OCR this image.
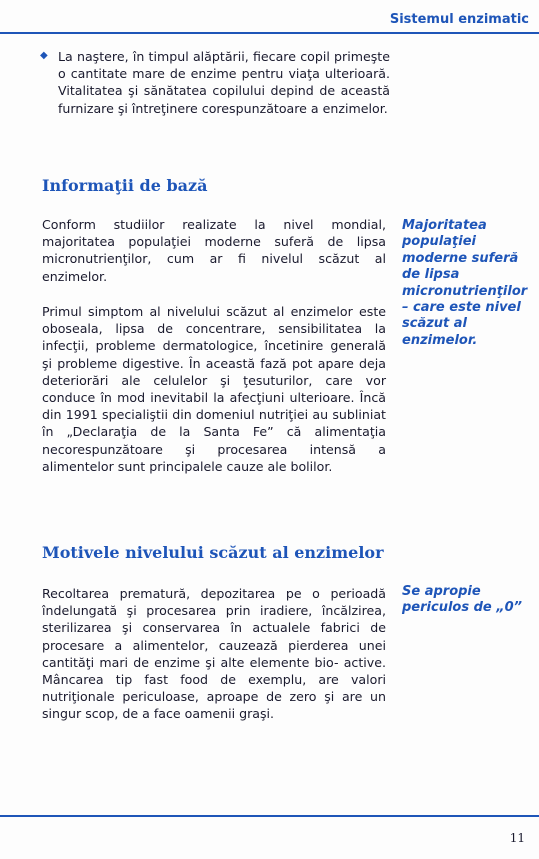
Sistemul enzimatic
◆ La naştere, în timpul alăptării, fiecare copil primeşte o cantitate mare de enzime pentru viaţa ulterioară. Vitalitatea şi sănătatea copilului depind de această furnizare şi întreţinere corespunzătoare a enzimelor.
Informaţii de bază

Conform studiilor realizate la nivel mondial, majoritatea populaţiei moderne suferă de lipsa micronutrienţilor, cum ar fi nivelul scăzut al enzimelor.

Primul simptom al nivelului scăzut al enzimelor este oboseala, lipsa de concentrare, sensibilitatea la infecţii, probleme dermatologice, încetinire generală şi probleme digestive. În această fază pot apare deja deteriorări ale celulelor şi ţesuturilor, care vor conduce în mod inevitabil la afecţiuni ulterioare. Încă din 1991 specialiştii din domeniul nutriţiei au subliniat în „Declaraţia de la Santa Fe” că alimentaţia necorespunzătoare şi procesarea intensă a alimentelor sunt principalele cauze ale bolilor.

Majoritatea populaţiei moderne suferă de lipsa micronutrienţilor – care este nivel scăzut al enzimelor.

Motivele nivelului scăzut al enzimelor

Recoltarea prematură, depozitarea pe o perioadă îndelungată şi procesarea prin iradiere, încălzirea, sterilizarea şi conservarea în actualele fabrici de procesare a alimentelor, cauzează pierderea unei cantităţi mari de enzime şi alte elemente bio- active. Mâncarea tip fast food de exemplu, are valori nutriţionale periculoase, aproape de zero şi are un singur scop, de a face oamenii graşi.

Se apropie periculos de „0”

11
